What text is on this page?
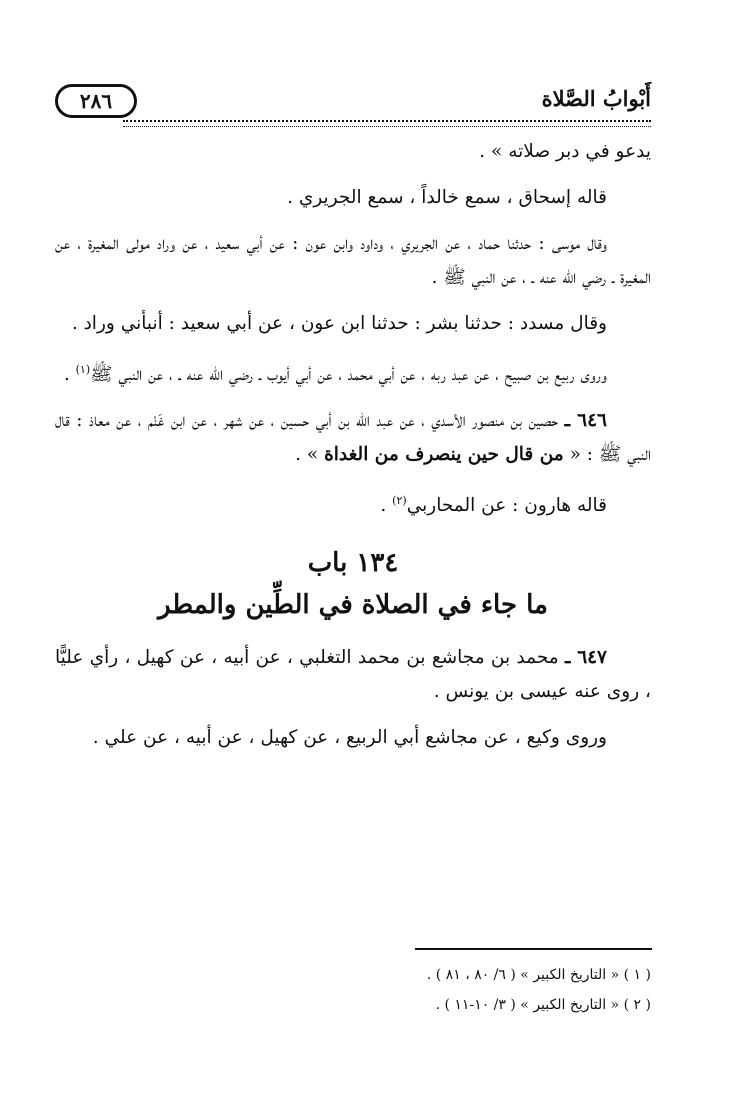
٢٨٦	أَبْوابُ الصَّلاة

يدعو في دبر صلاته » .

قاله إسحاق ، سمع خالداً ، سمع الجريري .

وقال موسى : حدثنا حماد ، عن الجريري ، وداود وابن عون : عن أبي سعيد ، عن وراد مولى المغيرة ، عن المغيرة ـ رضي الله عنه ـ ، عن النبي ﷺ .

وقال مسدد : حدثنا بشر : حدثنا ابن عون ، عن أبي سعيد : أنبأني وراد .

وروى ربيع بن صبيح ، عن عبد ربه ، عن أبي محمد ، عن أبي أيوب ـ رضي الله عنه ـ ، عن النبي ﷺ$^{(١)}$ .

٦٤٦ ـ حصين بن منصور الأسدي ، عن عبد الله بن أبي حسين ، عن شهر ، عن ابن غَنْم ، عن معاذ : قال النبي ﷺ : « من قال حين ينصرف من الغداة » .

قاله هارون : عن المحاربي$^{(٢)}$ .

١٣٤ باب
ما جاء في الصلاة في الطِّين والمطر

٦٤٧ ـ محمد بن مجاشع بن محمد التغلبي ، عن أبيه ، عن كهيل ، رأي عليًّا ، روى عنه عيسى بن يونس .

وروى وكيع ، عن مجاشع أبي الربيع ، عن كهيل ، عن أبيه ، عن علي .

( ١ ) « التاريخ الكبير » ( ٦/ ٨٠ ، ٨١ ) .
( ٢ ) « التاريخ الكبير » ( ٣/ ١٠-١١ ) .
